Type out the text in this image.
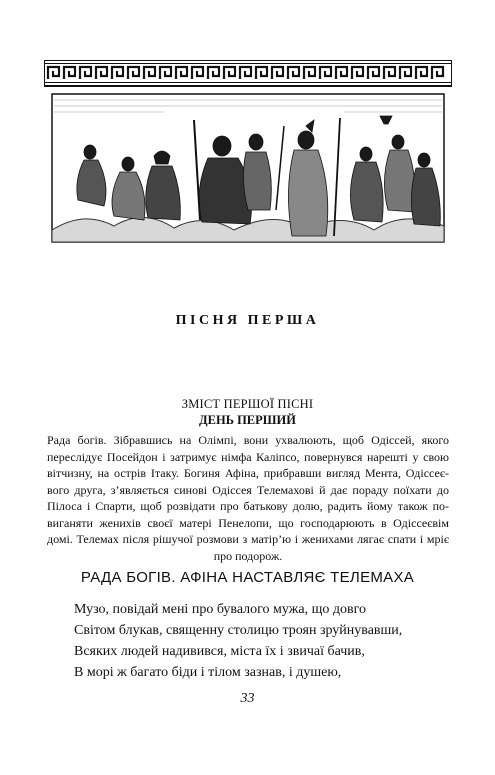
ПІСНЯ ПЕРША
ЗМІСТ ПЕРШОЇ ПІСНІ
ДЕНЬ ПЕРШИЙ
Рада богів. Зібравшись на Олімпі, вони ухвалюють, щоб Одіссей, якого переслідує Посейдон і затримує німфа Каліпсо, повернувся нарешті у свою вітчизну, на острів Ітаку. Богиня Афіна, прибравши вигляд Мента, Одіссеєвого друга, з’являється синові Одіссея Телемахові й дає пораду поїхати до Пілоса і Спарти, щоб розвідати про батькову долю, радить йому також повиганяти женихів своєї матері Пенелопи, що господарюють в Одіссеєвім домі. Телемах після рішучої розмови з матір’ю і женихами лягає спати і мріє про подорож.
РАДА БОГІВ. АФІНА НАСТАВЛЯЄ ТЕЛЕМАХА
Музо, повідай мені про бувалого мужа, що довго
Світом блукав, священну столицю троян зруйнувавши,
Всяких людей надивився, міста їх і звичаї бачив,
В морі ж багато біди і тілом зазнав, і душею,
33
